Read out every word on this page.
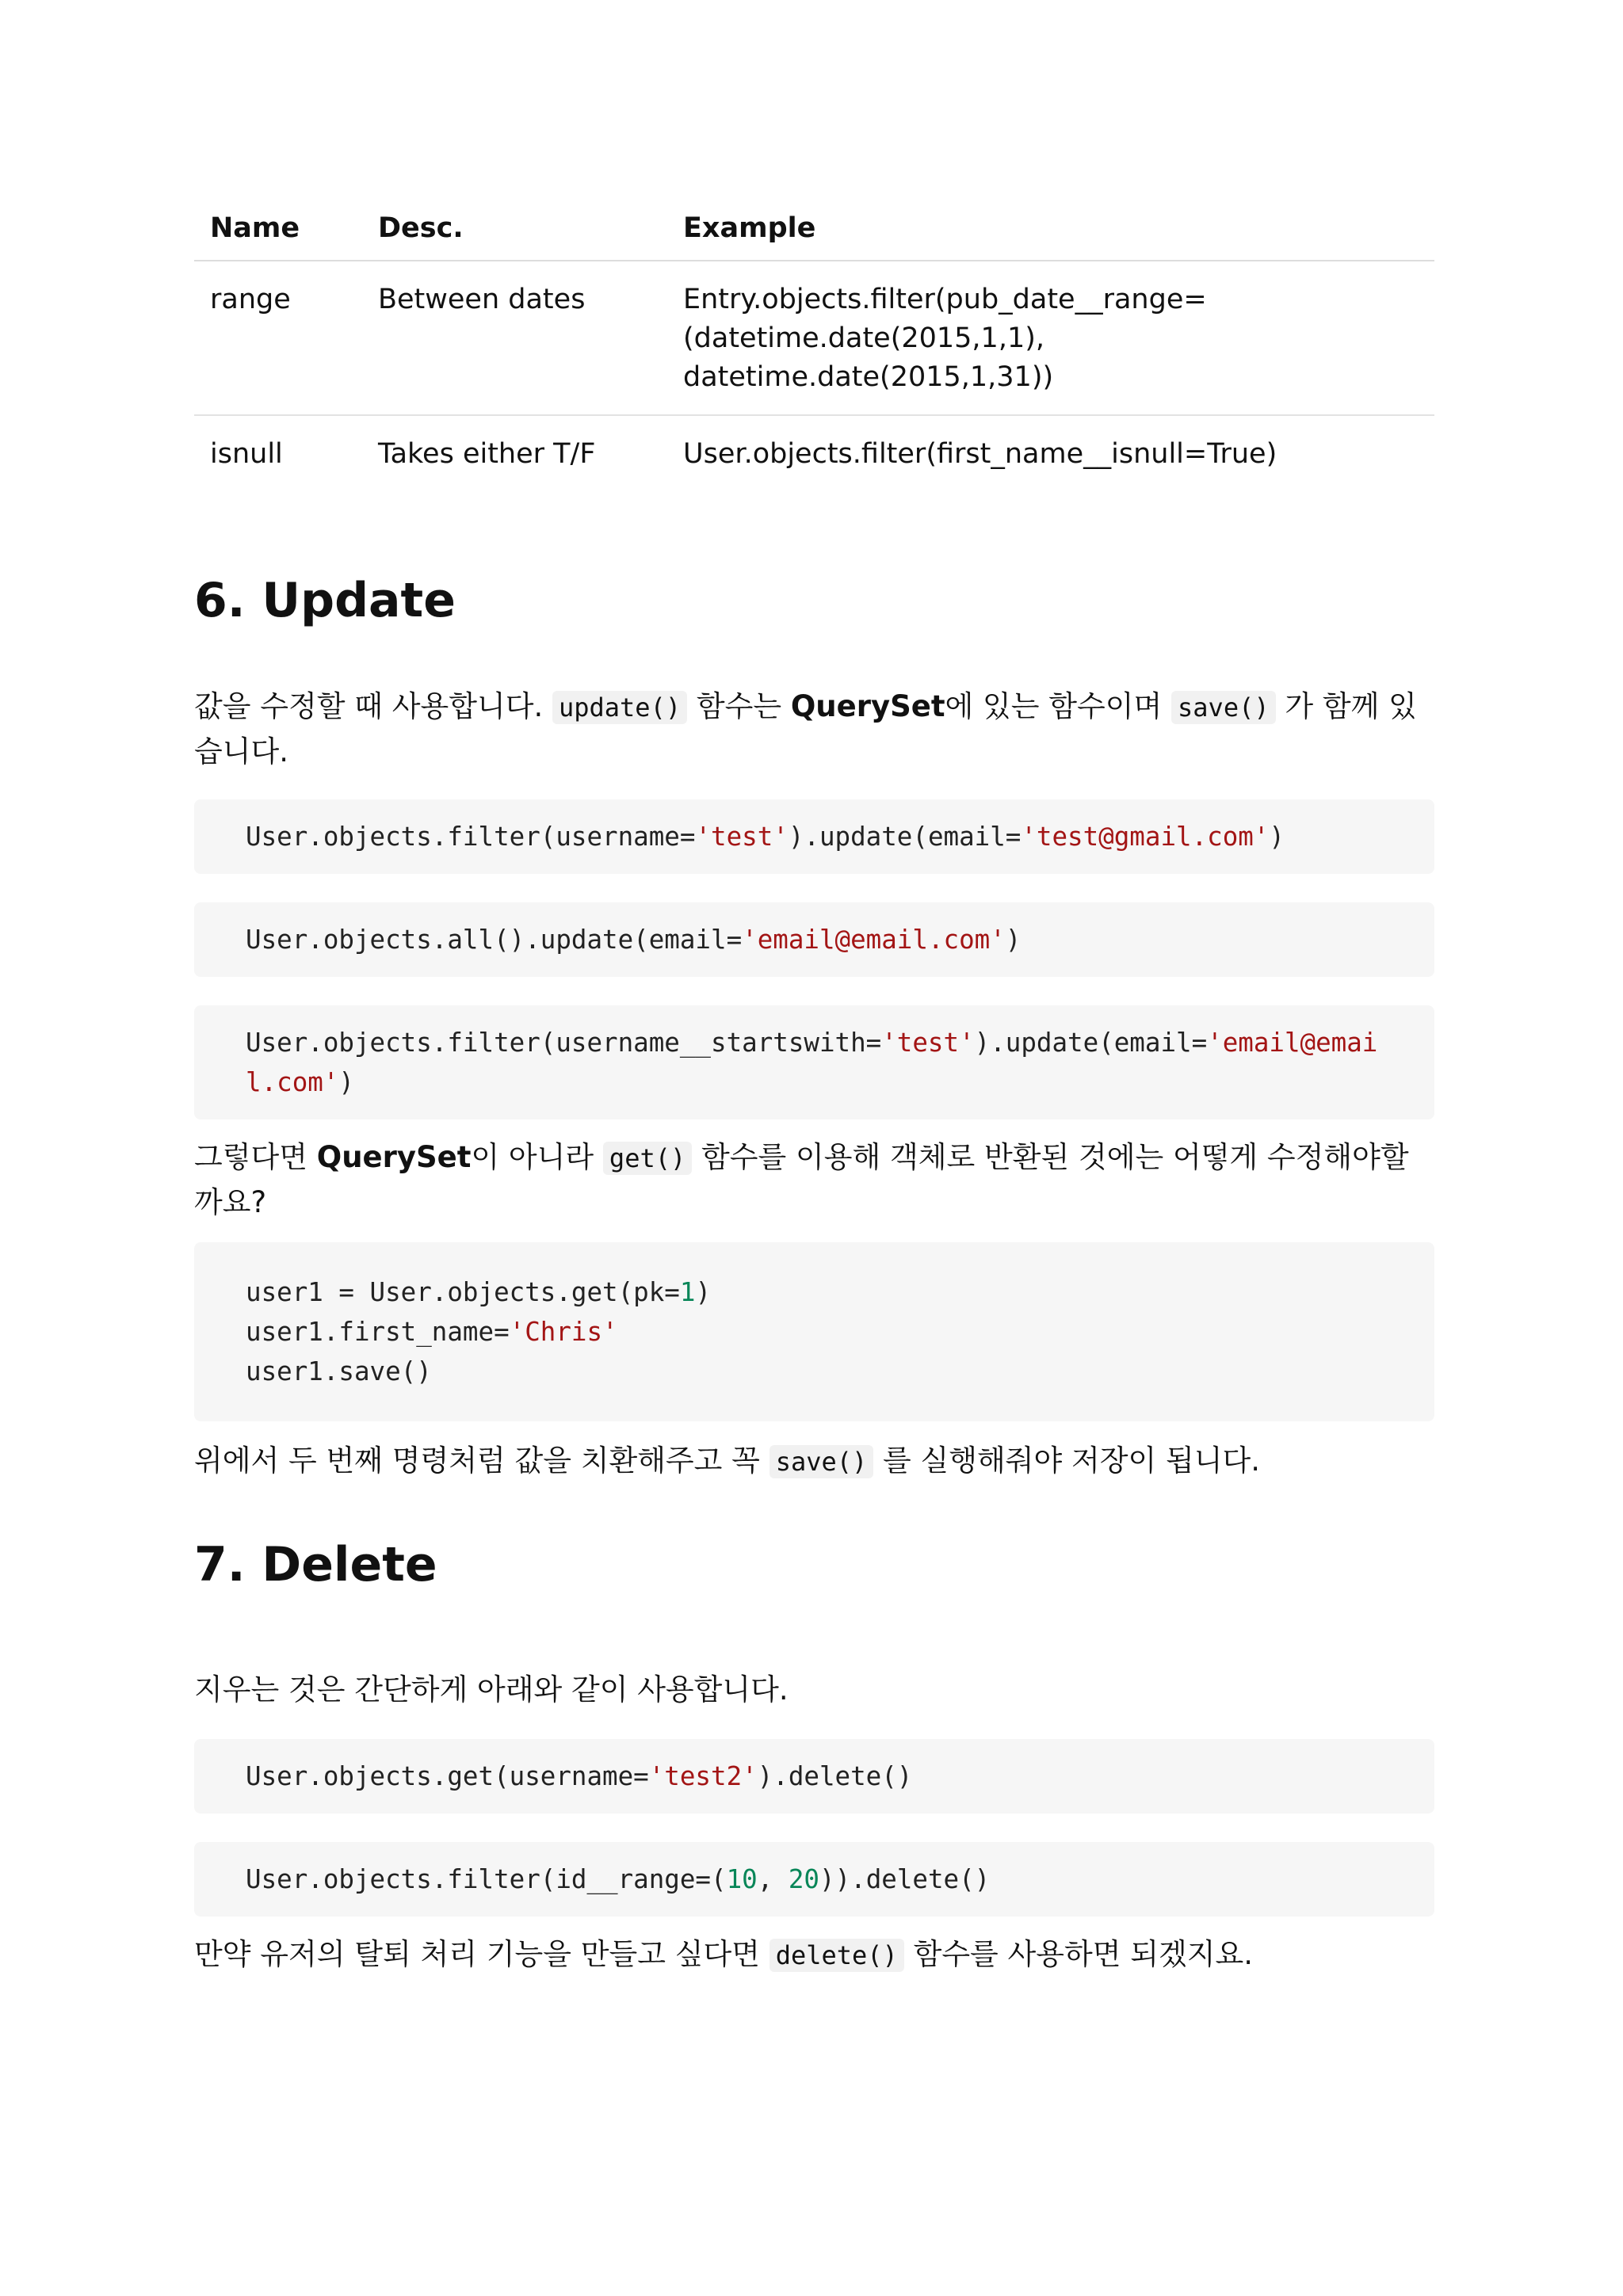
Name	Desc.	Example
range	Between dates	Entry.objects.filter(pub_date__range=
(datetime.date(2015,1,1), datetime.date(2015,1,31))
isnull	Takes either T/F	User.objects.filter(first_name__isnull=True)
6. Update

값을 수정할 때 사용합니다. update() 함수는 QuerySet에 있는 함수이며 save() 가 함께 있습니다.

User.objects.filter(username='test').update(email='test@gmail.com')
User.objects.all().update(email='email@email.com')
User.objects.filter(username__startswith='test').update(email='email@email.com')

그렇다면 QuerySet이 아니라 get() 함수를 이용해 객체로 반환된 것에는 어떻게 수정해야할까요?

user1 = User.objects.get(pk=1)
user1.first_name='Chris'
user1.save()

위에서 두 번째 명령처럼 값을 치환해주고 꼭 save() 를 실행해줘야 저장이 됩니다.

7. Delete

지우는 것은 간단하게 아래와 같이 사용합니다.

User.objects.get(username='test2').delete()
User.objects.filter(id__range=(10, 20)).delete()

만약 유저의 탈퇴 처리 기능을 만들고 싶다면 delete() 함수를 사용하면 되겠지요.
